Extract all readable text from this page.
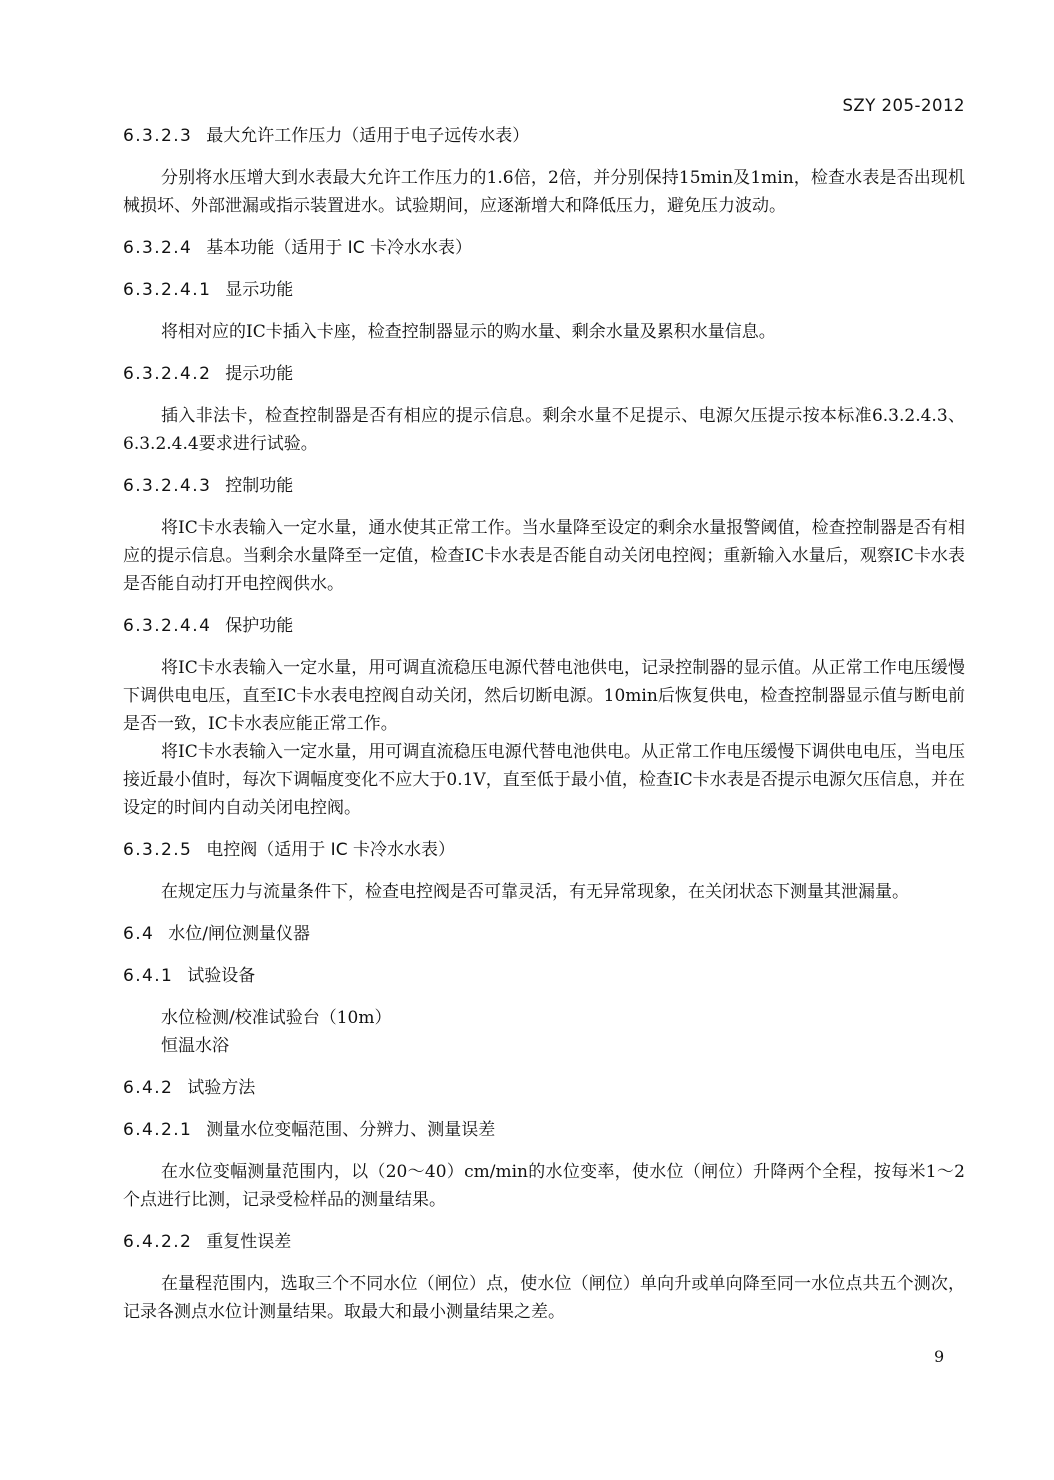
SZY 205-2012
6.3.2.3 最大允许工作压力（适用于电子远传水表）

分别将水压增大到水表最大允许工作压力的1.6倍，2倍，并分别保持15min及1min，检查水表是否出现机械损坏、外部泄漏或指示装置进水。试验期间，应逐渐增大和降低压力，避免压力波动。

6.3.2.4 基本功能（适用于 IC 卡冷水水表）
6.3.2.4.1 显示功能

将相对应的IC卡插入卡座，检查控制器显示的购水量、剩余水量及累积水量信息。

6.3.2.4.2 提示功能

插入非法卡，检查控制器是否有相应的提示信息。剩余水量不足提示、电源欠压提示按本标准6.3.2.4.3、6.3.2.4.4要求进行试验。

6.3.2.4.3 控制功能

将IC卡水表输入一定水量，通水使其正常工作。当水量降至设定的剩余水量报警阈值，检查控制器是否有相应的提示信息。当剩余水量降至一定值，检查IC卡水表是否能自动关闭电控阀；重新输入水量后，观察IC卡水表是否能自动打开电控阀供水。

6.3.2.4.4 保护功能

将IC卡水表输入一定水量，用可调直流稳压电源代替电池供电，记录控制器的显示值。从正常工作电压缓慢下调供电电压，直至IC卡水表电控阀自动关闭，然后切断电源。10min后恢复供电，检查控制器显示值与断电前是否一致，IC卡水表应能正常工作。

将IC卡水表输入一定水量，用可调直流稳压电源代替电池供电。从正常工作电压缓慢下调供电电压，当电压接近最小值时，每次下调幅度变化不应大于0.1V，直至低于最小值，检查IC卡水表是否提示电源欠压信息，并在设定的时间内自动关闭电控阀。

6.3.2.5 电控阀（适用于 IC 卡冷水水表）

在规定压力与流量条件下，检查电控阀是否可靠灵活，有无异常现象，在关闭状态下测量其泄漏量。

6.4 水位/闸位测量仪器
6.4.1 试验设备
水位检测/校准试验台（10m）
恒温水浴
6.4.2 试验方法
6.4.2.1 测量水位变幅范围、分辨力、测量误差

在水位变幅测量范围内，以（20～40）cm/min的水位变率，使水位（闸位）升降两个全程，按每米1～2个点进行比测，记录受检样品的测量结果。

6.4.2.2 重复性误差

在量程范围内，选取三个不同水位（闸位）点，使水位（闸位）单向升或单向降至同一水位点共五个测次，记录各测点水位计测量结果。取最大和最小测量结果之差。

9
